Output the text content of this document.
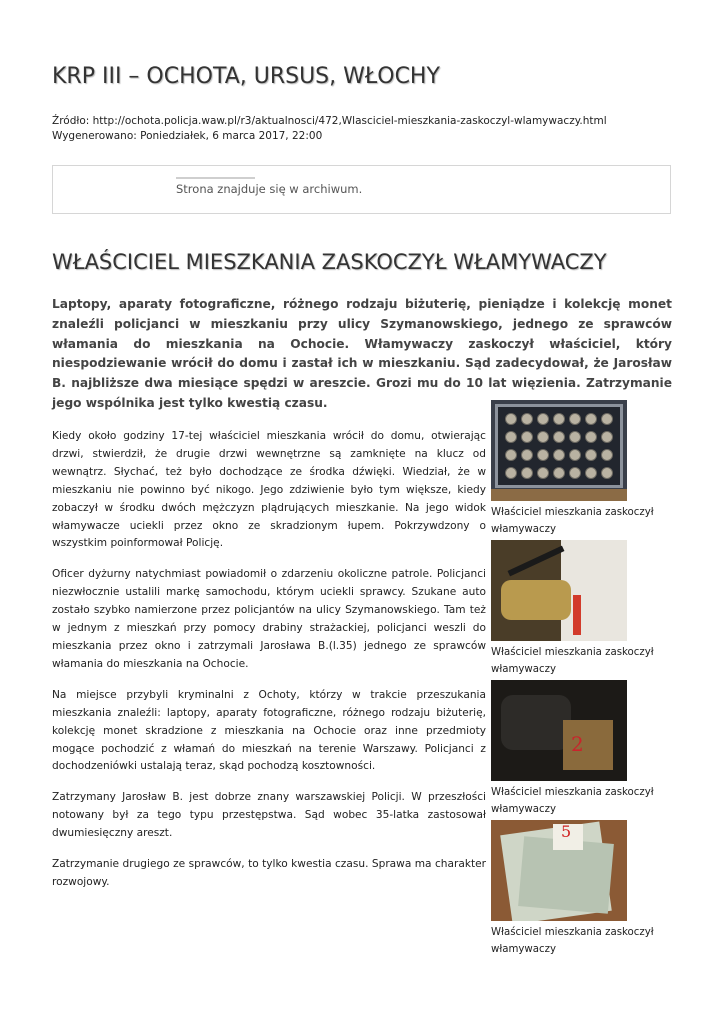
KRP III – OCHOTA, URSUS, WŁOCHY
Źródło: http://ochota.policja.waw.pl/r3/aktualnosci/472,Wlasciciel-mieszkania-zaskoczyl-wlamywaczy.html
Wygenerowano: Poniedziałek, 6 marca 2017, 22:00
Strona znajduje się w archiwum.
WŁAŚCICIEL MIESZKANIA ZASKOCZYŁ WŁAMYWACZY

Laptopy, aparaty fotograficzne, różnego rodzaju biżuterię, pieniądze i kolekcję monet znaleźli policjanci w mieszkaniu przy ulicy Szymanowskiego, jednego ze sprawców włamania do mieszkania na Ochocie. Włamywaczy zaskoczył właściciel, który niespodziewanie wrócił do domu i zastał ich w mieszkaniu. Sąd zadecydował, że Jarosław B. najbliższe dwa miesiące spędzi w areszcie. Grozi mu do 10 lat więzienia. Zatrzymanie jego wspólnika jest tylko kwestią czasu.

Kiedy około godziny 17-tej właściciel mieszkania wrócił do domu, otwierając drzwi, stwierdził, że drugie drzwi wewnętrzne są zamknięte na klucz od wewnątrz. Słychać, też było dochodzące ze środka dźwięki. Wiedział, że w mieszkaniu nie powinno być nikogo. Jego zdziwienie było tym większe, kiedy zobaczył w środku dwóch mężczyzn plądrujących mieszkanie. Na jego widok włamywacze uciekli przez okno ze skradzionym łupem. Pokrzywdzony o wszystkim poinformował Policję.

Oficer dyżurny natychmiast powiadomił o zdarzeniu okoliczne patrole. Policjanci niezwłocznie ustalili markę samochodu, którym uciekli sprawcy. Szukane auto zostało szybko namierzone przez policjantów na ulicy Szymanowskiego. Tam też w jednym z mieszkań przy pomocy drabiny strażackiej, policjanci weszli do mieszkania przez okno i zatrzymali Jarosława B.(l.35) jednego ze sprawców włamania do mieszkania na Ochocie.

Na miejsce przybyli kryminalni z Ochoty, którzy w trakcie przeszukania mieszkania znaleźli: laptopy, aparaty fotograficzne, różnego rodzaju biżuterię, kolekcję monet skradzione z mieszkania na Ochocie oraz inne przedmioty mogące pochodzić z włamań do mieszkań na terenie Warszawy. Policjanci z dochodzeniówki ustalają teraz, skąd pochodzą kosztowności.

Zatrzymany Jarosław B. jest dobrze znany warszawskiej Policji. W przeszłości notowany był za tego typu przestępstwa. Sąd wobec 35-latka zastosował dwumiesięczny areszt.

Zatrzymanie drugiego ze sprawców, to tylko kwestia czasu. Sprawa ma charakter rozwojowy.

Właściciel mieszkania zaskoczył włamywaczy
Właściciel mieszkania zaskoczył włamywaczy
2
Właściciel mieszkania zaskoczył włamywaczy
5
Właściciel mieszkania zaskoczył włamywaczy
